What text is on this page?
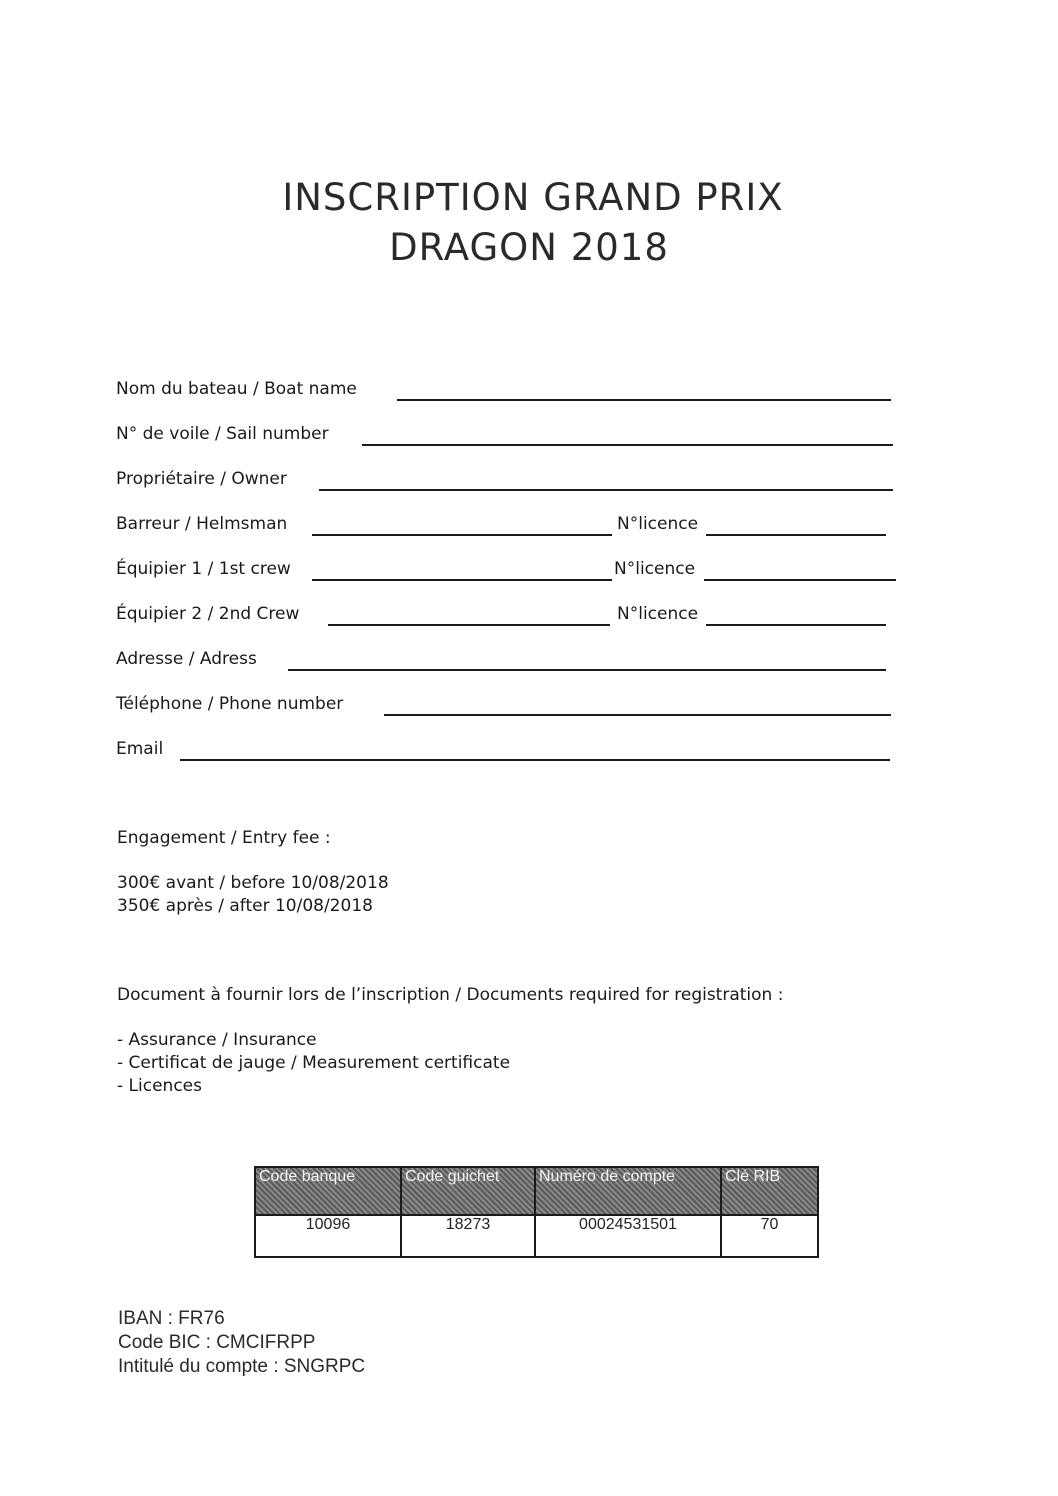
INSCRIPTION GRAND PRIX
DRAGON 2018
Nom du bateau / Boat name
N° de voile / Sail number
Propriétaire / Owner
Barreur / Helmsman	N°licence
Équipier 1 / 1st crew	N°licence
Équipier 2 / 2nd Crew	N°licence
Adresse / Adress
Téléphone / Phone number
Email
Engagement / Entry fee :
300€ avant / before 10/08/2018
350€ après / after 10/08/2018
Document à fournir lors de l’inscription / Documents required for registration :
- Assurance / Insurance
- Certificat de jauge / Measurement certificate
- Licences
Code banque	Code guichet	Numéro de compte	Clé RIB
10096	18273	00024531501	70
IBAN : FR76
Code BIC : CMCIFRPP
Intitulé du compte : SNGRPC
